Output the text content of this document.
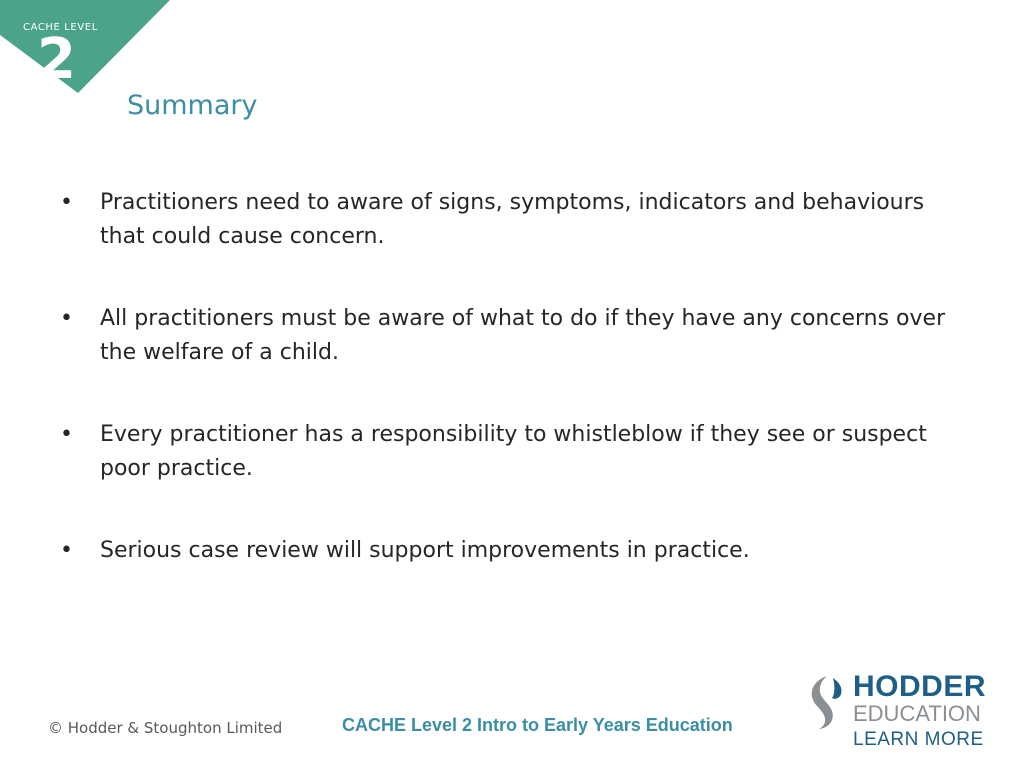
CACHE LEVEL
2
Summary
•	Practitioners need to aware of signs, symptoms, indicators and behaviours that could cause concern.
•	All practitioners must be aware of what to do if they have any concerns over the welfare of a child.
•	Every practitioner has a responsibility to whistleblow if they see or suspect poor practice.
•	Serious case review will support improvements in practice.
© Hodder & Stoughton Limited	CACHE Level 2 Intro to Early Years Education
HODDER
EDUCATION
LEARN MORE
